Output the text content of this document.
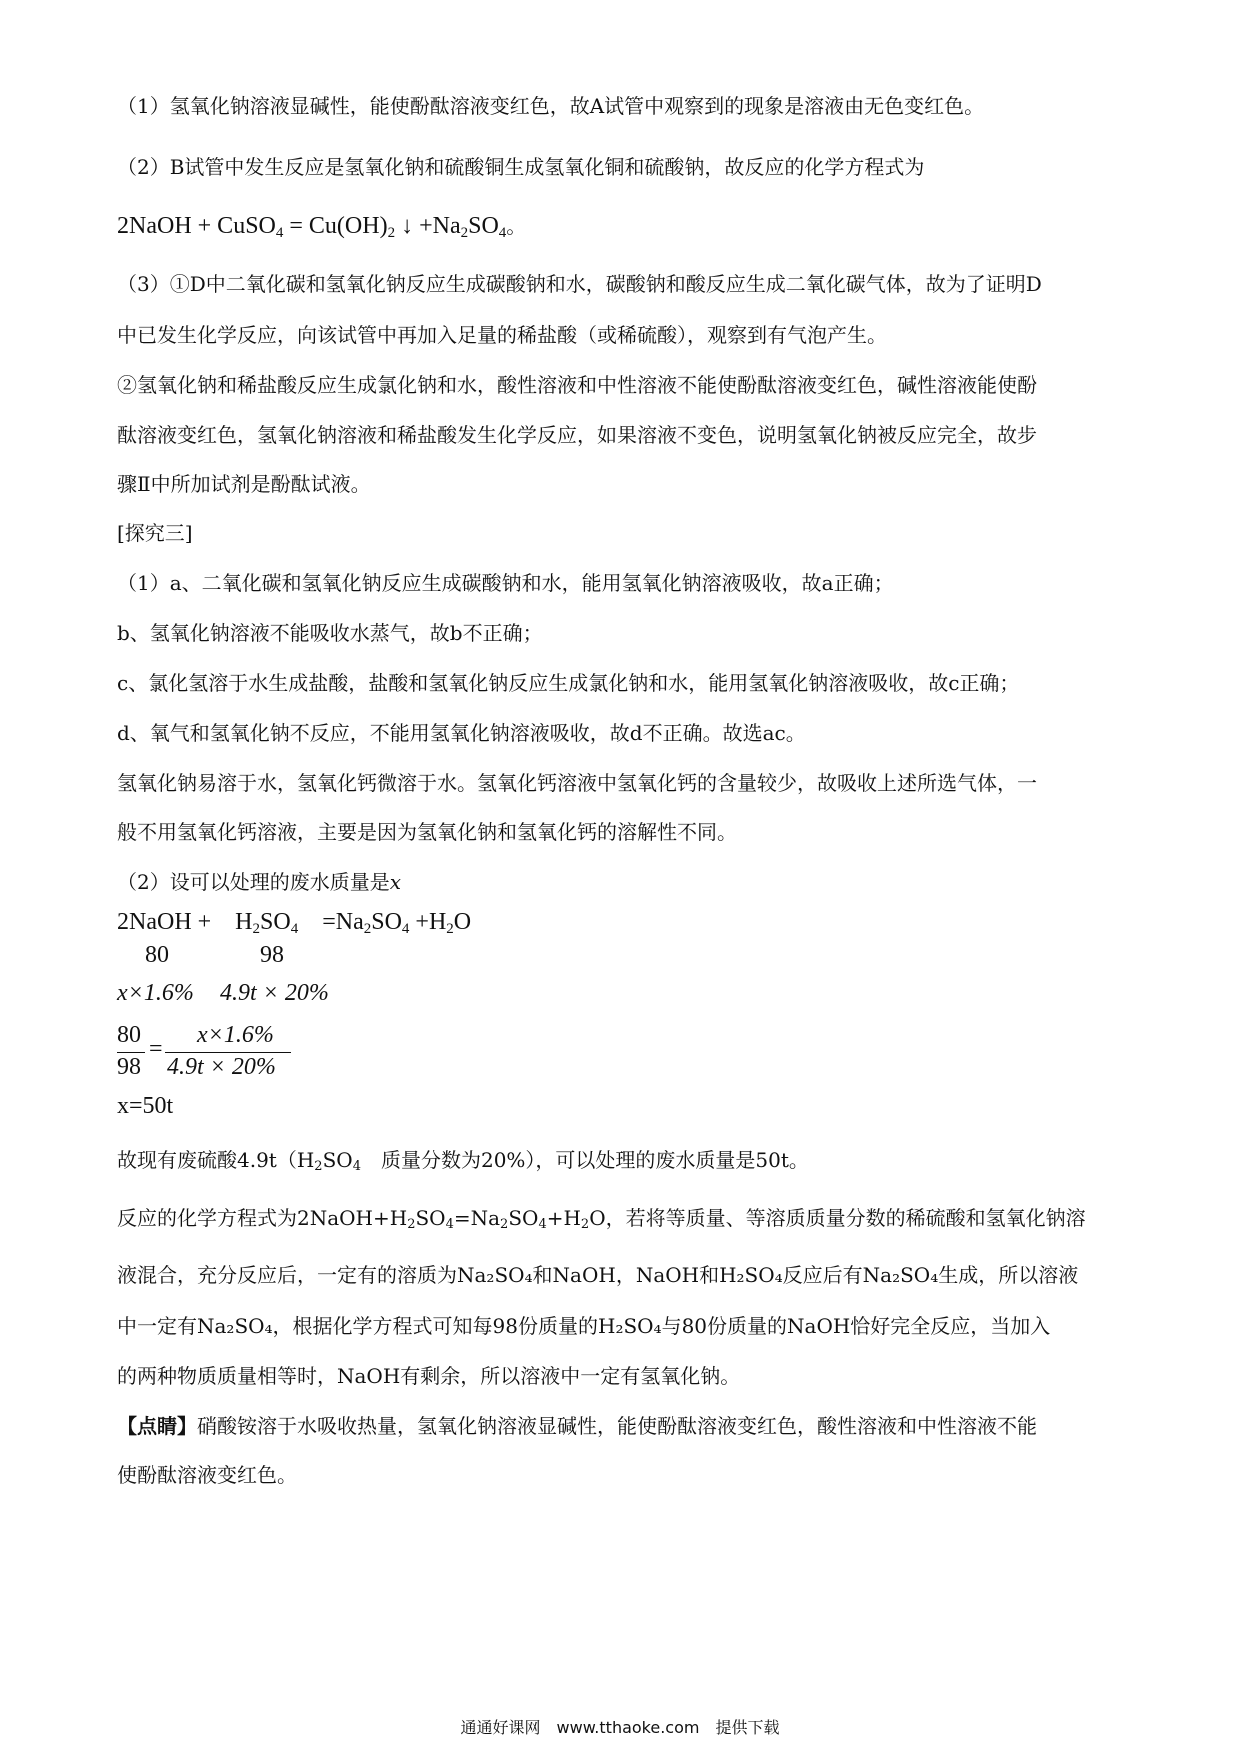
（1）氢氧化钠溶液显碱性，能使酚酞溶液变红色，故A试管中观察到的现象是溶液由无色变红色。
（2）B试管中发生反应是氢氧化钠和硫酸铜生成氢氧化铜和硫酸钠，故反应的化学方程式为
2NaOH + CuSO$_4$ = $Cu(OH)_2$ ↓ $+Na_2SO_4$。
（3）①D中二氧化碳和氢氧化钠反应生成碳酸钠和水，碳酸钠和酸反应生成二氧化碳气体，故为了证明D
中已发生化学反应，向该试管中再加入足量的稀盐酸（或稀硫酸），观察到有气泡产生。
②氢氧化钠和稀盐酸反应生成氯化钠和水，酸性溶液和中性溶液不能使酚酞溶液变红色，碱性溶液能使酚
酞溶液变红色，氢氧化钠溶液和稀盐酸发生化学反应，如果溶液不变色，说明氢氧化钠被反应完全，故步
骤Ⅱ中所加试剂是酚酞试液。
[探究三]
（1）a、二氧化碳和氢氧化钠反应生成碳酸钠和水，能用氢氧化钠溶液吸收，故a正确；
b、氢氧化钠溶液不能吸收水蒸气，故b不正确；
c、氯化氢溶于水生成盐酸，盐酸和氢氧化钠反应生成氯化钠和水，能用氢氧化钠溶液吸收，故c正确；
d、氧气和氢氧化钠不反应，不能用氢氧化钠溶液吸收，故d不正确。故选ac。
氢氧化钠易溶于水，氢氧化钙微溶于水。氢氧化钙溶液中氢氧化钙的含量较少，故吸收上述所选气体，一
般不用氢氧化钙溶液，主要是因为氢氧化钠和氢氧化钙的溶解性不同。
（2）设可以处理的废水质量是x
2NaOH +　$H_2SO_4$　$=Na_2SO_4 +H_2O$
80	98
x×1.6% 4.9t × 20%
80
98
=
x×1.6%
4.9t × 20%
x=50t
故现有废硫酸$4.9t(H_2SO_4$　质量分数为20%），可以处理的废水质量是50t。
反应的化学方程式为$2NaOH+H_2SO_4=Na_2SO_4+H_2O$，若将等质量、等溶质质量分数的稀硫酸和氢氧化钠溶
液混合，充分反应后，一定有的溶质为Na₂SO₄和NaOH，NaOH和H₂SO₄反应后有Na₂SO₄生成，所以溶液
中一定有Na₂SO₄，根据化学方程式可知每98份质量的H₂SO₄与80份质量的NaOH恰好完全反应，当加入
的两种物质质量相等时，NaOH有剩余，所以溶液中一定有氢氧化钠。
【点睛】硝酸铵溶于水吸收热量，氢氧化钠溶液显碱性，能使酚酞溶液变红色，酸性溶液和中性溶液不能
使酚酞溶液变红色。
通通好课网　www.tthaoke.com　提供下载
